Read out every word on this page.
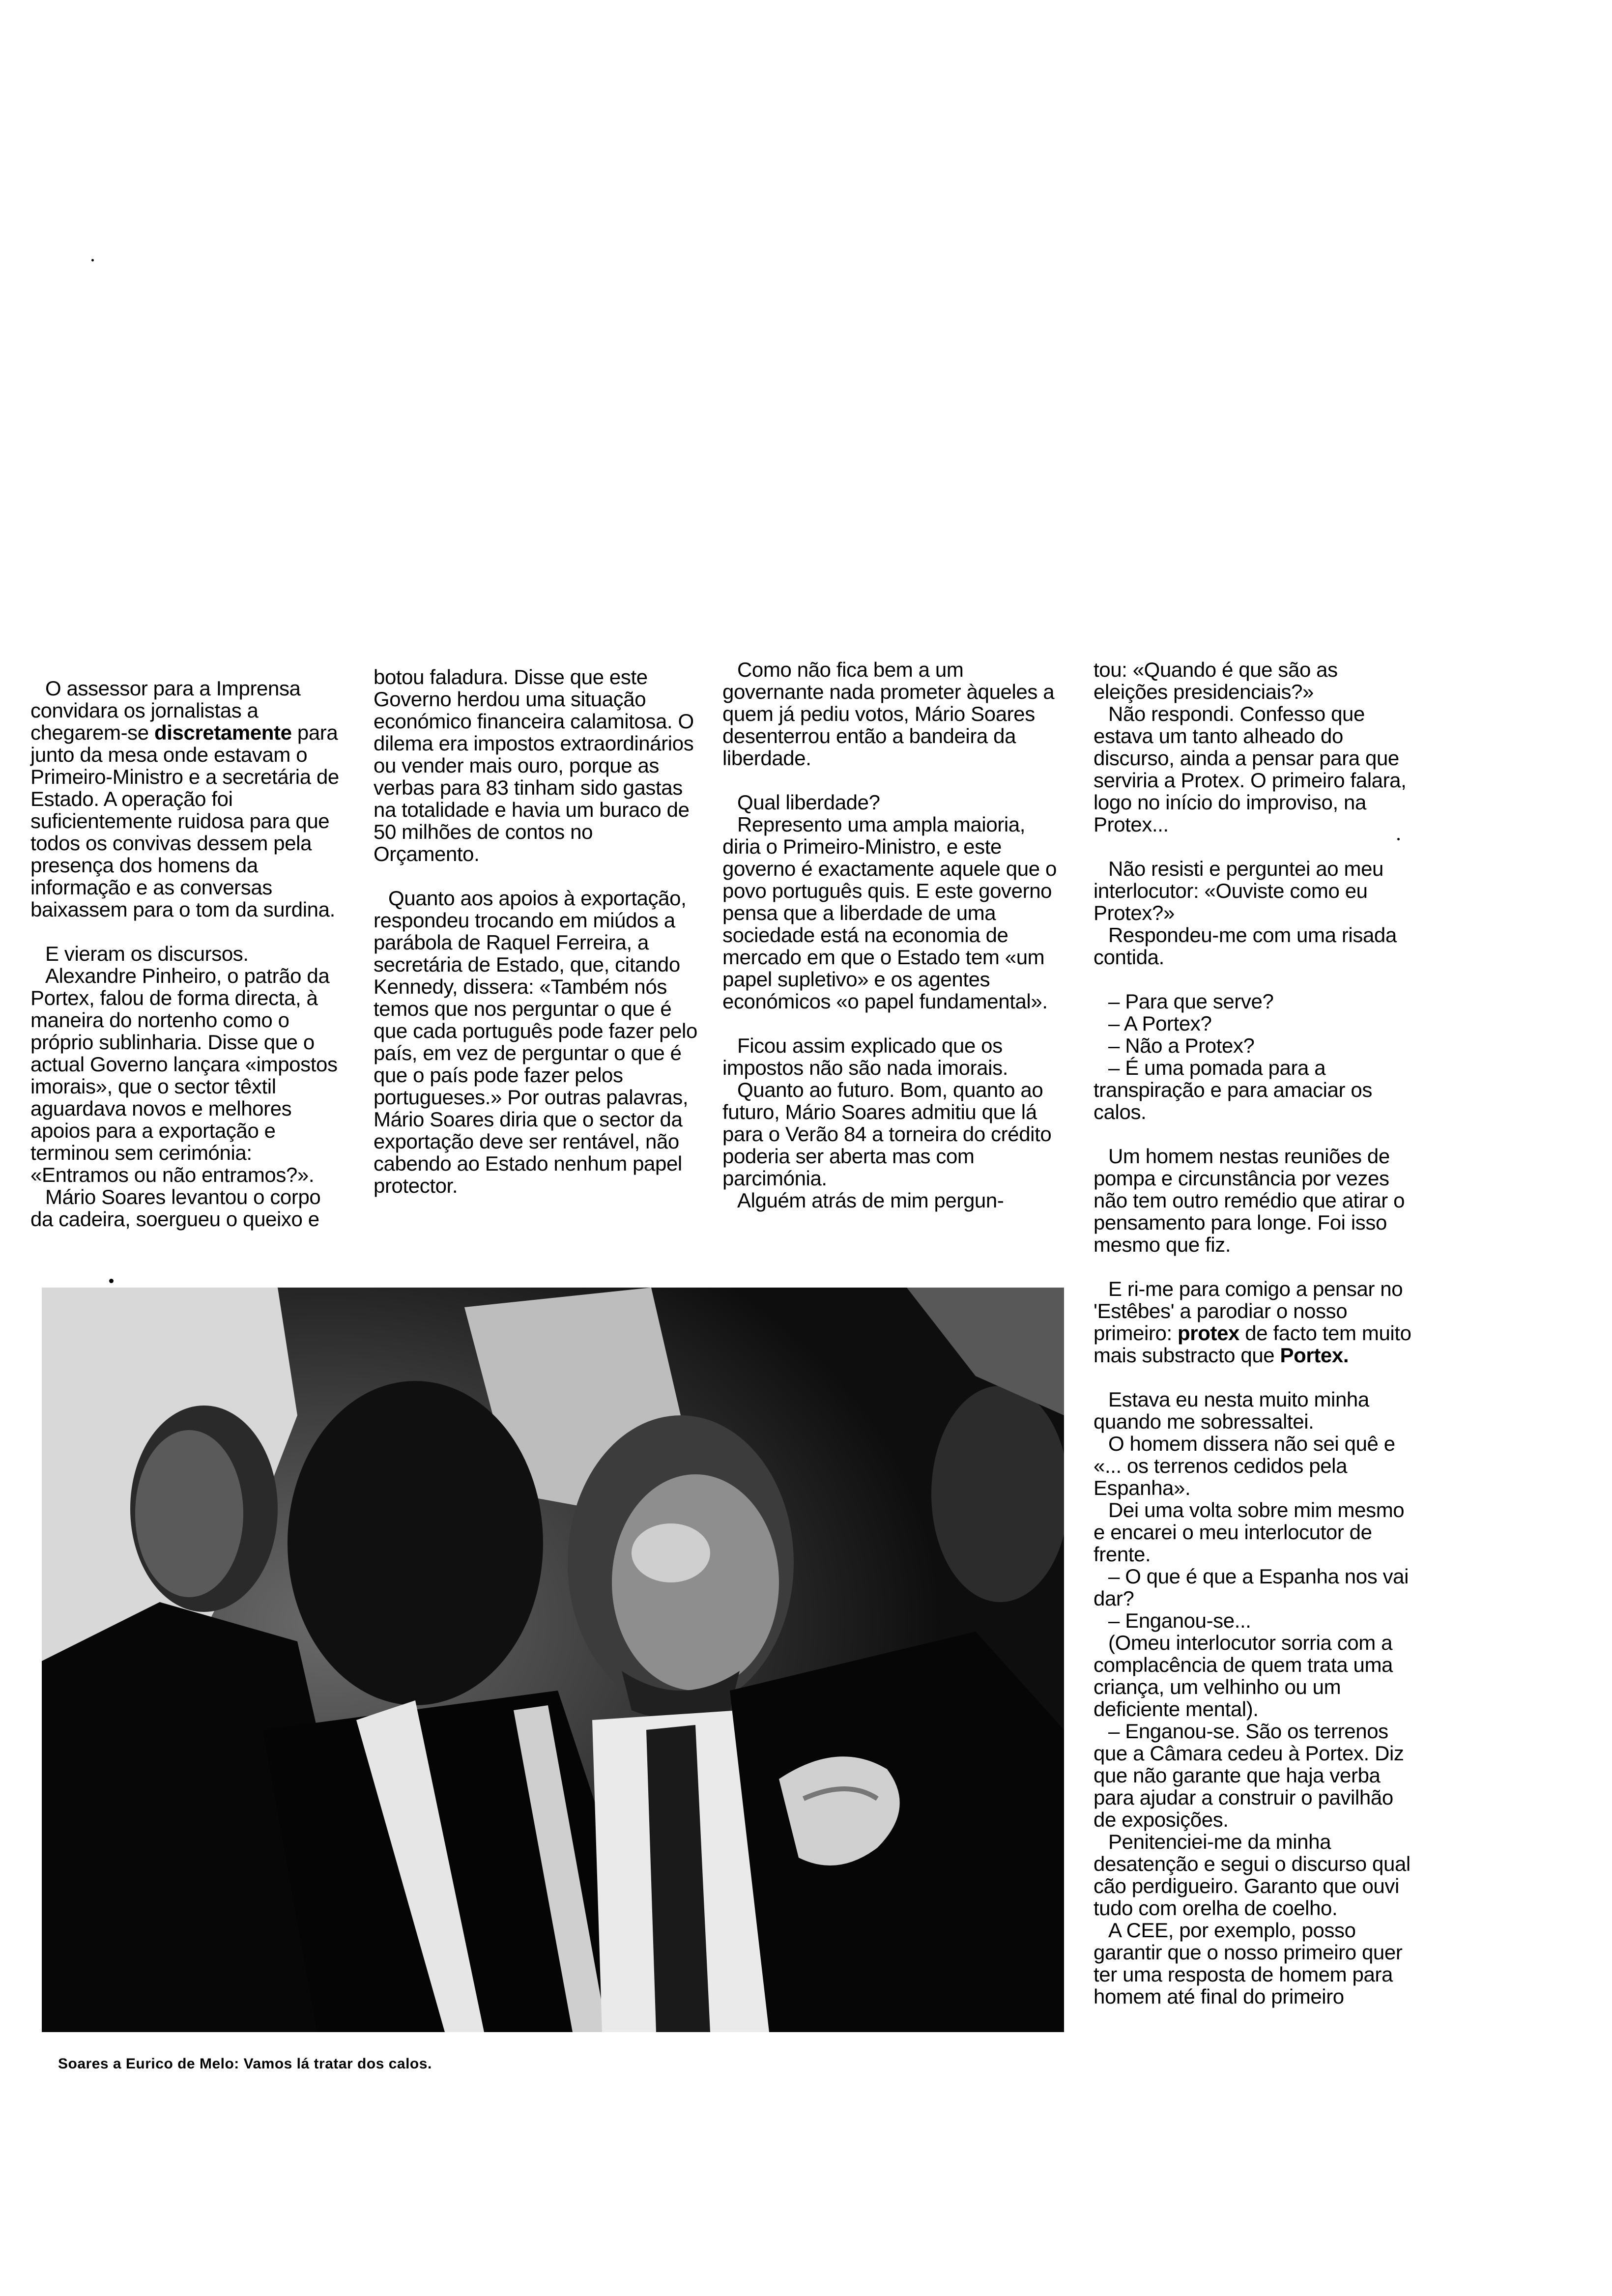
O assessor para a Imprensa convidara os jornalistas a chegarem-se discretamente para junto da mesa onde estavam o Primeiro-Ministro e a secretária de Estado. A operação foi suficientemente ruidosa para que todos os convivas dessem pela presença dos homens da informação e as conversas baixassem para o tom da surdina.

E vieram os discursos.

Alexandre Pinheiro, o patrão da Portex, falou de forma directa, à maneira do nortenho como o próprio sublinharia. Disse que o actual Governo lançara «impostos imorais», que o sector têxtil aguardava novos e melhores apoios para a exportação e terminou sem cerimónia: «Entramos ou não entramos?».

Mário Soares levantou o corpo da cadeira, soergueu o queixo e

botou faladura. Disse que este Governo herdou uma situação económico financeira calamitosa. O dilema era impostos extraordinários ou vender mais ouro, porque as verbas para 83 tinham sido gastas na totalidade e havia um buraco de 50 milhões de contos no Orçamento.

Quanto aos apoios à exportação, respondeu trocando em miúdos a parábola de Raquel Ferreira, a secretária de Estado, que, citando Kennedy, dissera: «Também nós temos que nos perguntar o que é que cada português pode fazer pelo país, em vez de perguntar o que é que o país pode fazer pelos portugueses.» Por outras palavras, Mário Soares diria que o sector da exportação deve ser rentável, não cabendo ao Estado nenhum papel protector.

Como não fica bem a um governante nada prometer àqueles a quem já pediu votos, Mário Soares desenterrou então a bandeira da liberdade.

Qual liberdade?

Represento uma ampla maioria, diria o Primeiro-Ministro, e este governo é exactamente aquele que o povo português quis. E este governo pensa que a liberdade de uma sociedade está na economia de mercado em que o Estado tem «um papel supletivo» e os agentes económicos «o papel fundamental».

Ficou assim explicado que os impostos não são nada imorais.

Quanto ao futuro. Bom, quanto ao futuro, Mário Soares admitiu que lá para o Verão 84 a torneira do crédito poderia ser aberta mas com parcimónia.

Alguém atrás de mim pergun-

tou: «Quando é que são as eleições presidenciais?»

Não respondi. Confesso que estava um tanto alheado do discurso, ainda a pensar para que serviria a Protex. O primeiro falara, logo no início do improviso, na Protex...

Não resisti e perguntei ao meu interlocutor: «Ouviste como eu Protex?»

Respondeu-me com uma risada contida.

– Para que serve?

– A Portex?

– Não a Protex?

– É uma pomada para a transpiração e para amaciar os calos.

Um homem nestas reuniões de pompa e circunstância por vezes não tem outro remédio que atirar o pensamento para longe. Foi isso mesmo que fiz.

E ri-me para comigo a pensar no 'Estêbes' a parodiar o nosso primeiro: protex de facto tem muito mais substracto que Portex.

Estava eu nesta muito minha quando me sobressaltei.

O homem dissera não sei quê e «... os terrenos cedidos pela Espanha».

Dei uma volta sobre mim mesmo e encarei o meu interlocutor de frente.

– O que é que a Espanha nos vai dar?

– Enganou-se...

(Omeu interlocutor sorria com a complacência de quem trata uma criança, um velhinho ou um deficiente mental).

– Enganou-se. São os terrenos que a Câmara cedeu à Portex. Diz que não garante que haja verba para ajudar a construir o pavilhão de exposições.

Penitenciei-me da minha desatenção e segui o discurso qual cão perdigueiro. Garanto que ouvi tudo com orelha de coelho.

A CEE, por exemplo, posso garantir que o nosso primeiro quer ter uma resposta de homem para homem até final do primeiro

Soares a Eurico de Melo: Vamos lá tratar dos calos.
